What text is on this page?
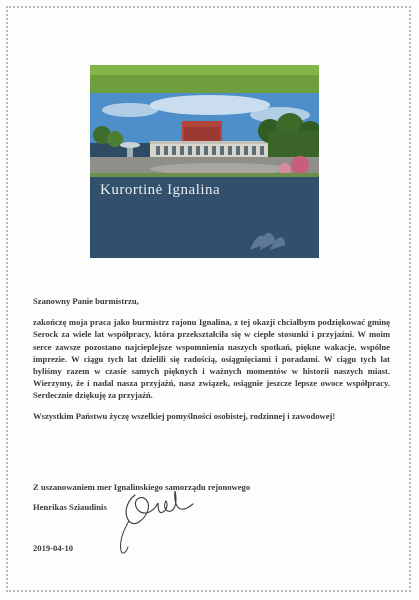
Kurortinė Ignalina

Szanowny Panie burmistrzu,

zakończę moja praca jako burmistrz rajonu Ignalina, z tej okazji chciałbym podziękować gminę Serock za wiele lat współpracy, która przekształciła się w ciepłe stosunki i przyjaźni. W moim serce zawsze pozostano najcieplejsze wspomnienia naszych spotkań, piękne wakacje, wspólne imprezie. W ciągu tych lat dzielili się radością, osiągnięciami i poradami. W ciągu tych lat byliśmy razem w czasie samych pięknych i ważnych momentów w historii naszych miast. Wierzymy, że i nadal nasza przyjaźń, nasz związek, osiągnie jeszcze lepsze owoce współpracy. Serdecznie dziękuję za przyjaźń.

Wszystkim Państwu życzę wszelkiej pomyślności osobistej, rodzinnej i zawodowej!

Z uszanowaniem mer Ignalinskiego samorządu rejonowego
Henrikas Sziaudinis
2019-04-10
